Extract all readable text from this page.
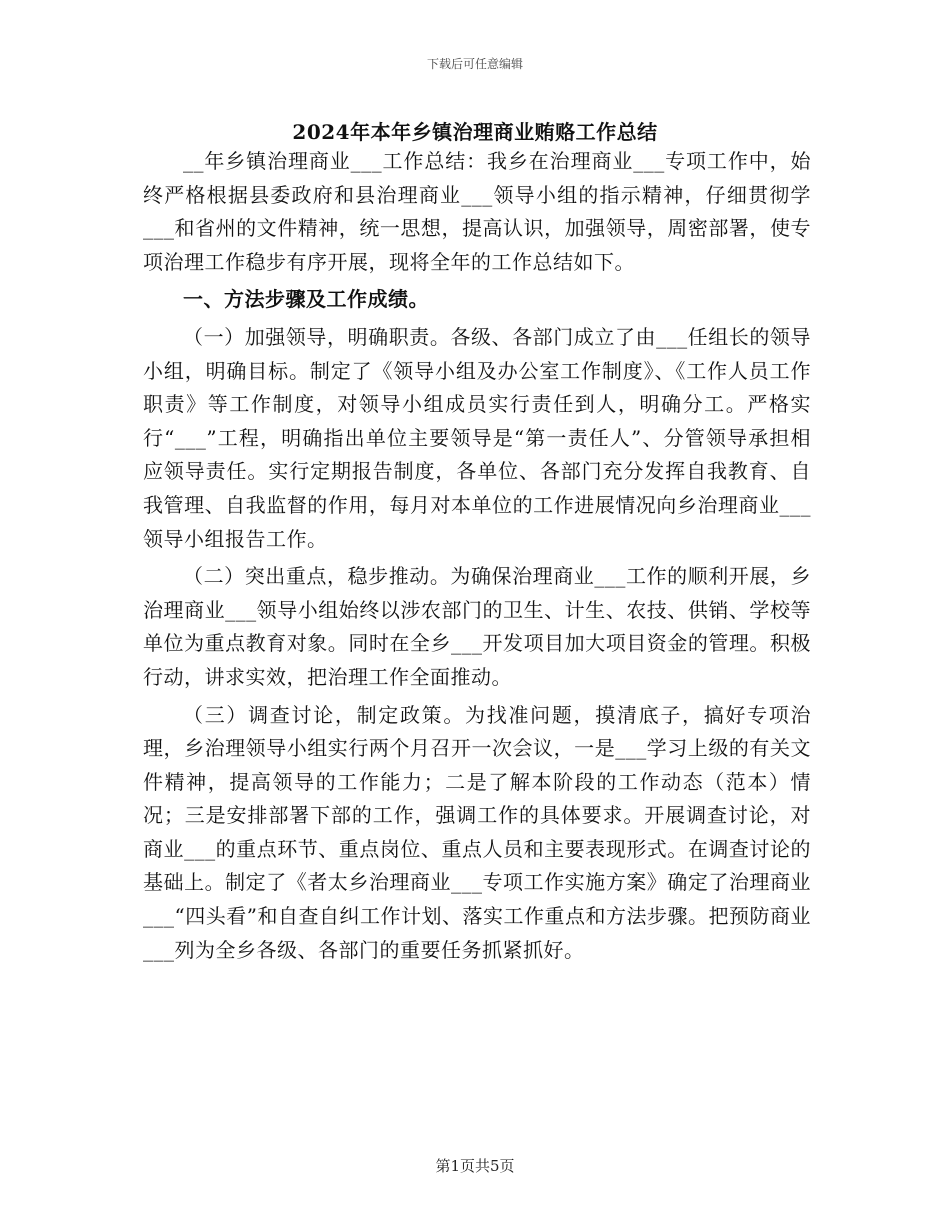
下载后可任意编辑
2024年本年乡镇治理商业贿赂工作总结

__年乡镇治理商业___工作总结：我乡在治理商业___专项工作中，始终严格根据县委政府和县治理商业___领导小组的指示精神，仔细贯彻学___和省州的文件精神，统一思想，提高认识，加强领导，周密部署，使专项治理工作稳步有序开展，现将全年的工作总结如下。

一、方法步骤及工作成绩。

（一）加强领导，明确职责。各级、各部门成立了由___任组长的领导小组，明确目标。制定了《领导小组及办公室工作制度》、《工作人员工作职责》等工作制度，对领导小组成员实行责任到人，明确分工。严格实行“___”工程，明确指出单位主要领导是“第一责任人”、分管领导承担相应领导责任。实行定期报告制度，各单位、各部门充分发挥自我教育、自我管理、自我监督的作用，每月对本单位的工作进展情况向乡治理商业___领导小组报告工作。

（二）突出重点，稳步推动。为确保治理商业___工作的顺利开展，乡治理商业___领导小组始终以涉农部门的卫生、计生、农技、供销、学校等单位为重点教育对象。同时在全乡___开发项目加大项目资金的管理。积极行动，讲求实效，把治理工作全面推动。

（三）调查讨论，制定政策。为找准问题，摸清底子，搞好专项治理，乡治理领导小组实行两个月召开一次会议，一是___学习上级的有关文件精神，提高领导的工作能力；二是了解本阶段的工作动态（范本）情况；三是安排部署下部的工作，强调工作的具体要求。开展调查讨论，对商业___的重点环节、重点岗位、重点人员和主要表现形式。在调查讨论的基础上。制定了《者太乡治理商业___专项工作实施方案》确定了治理商业___“四头看”和自查自纠工作计划、落实工作重点和方法步骤。把预防商业___列为全乡各级、各部门的重要任务抓紧抓好。

第1页共5页
